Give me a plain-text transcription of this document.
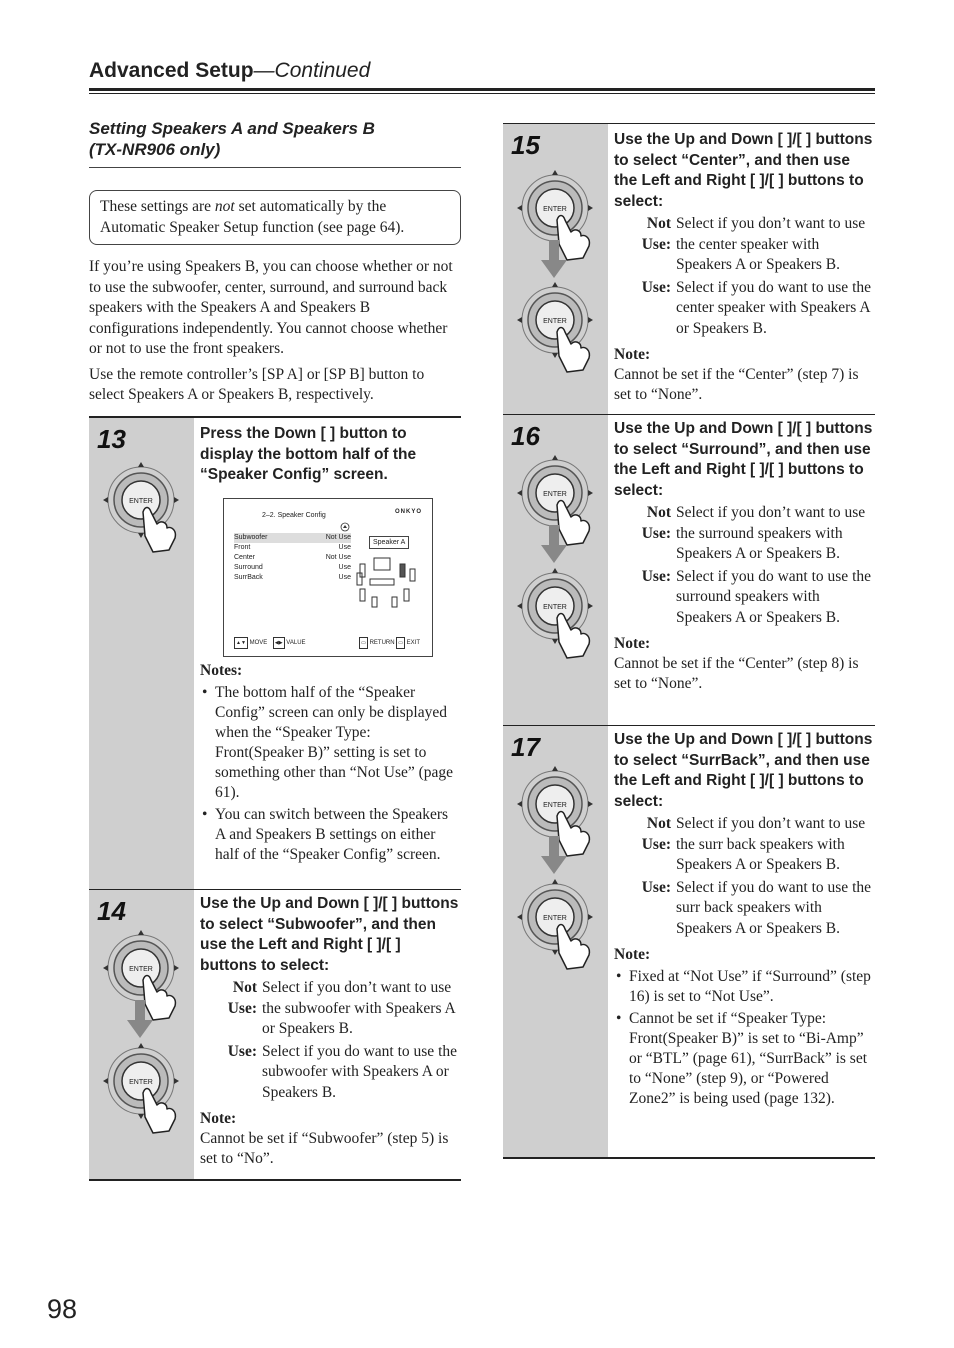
Advanced Setup—Continued
Setting Speakers A and Speakers B
(TX-NR906 only)
These settings are not set automatically by the Automatic Speaker Setup function (see page 64).

If you’re using Speakers B, you can choose whether or not to use the subwoofer, center, surround, and surround back speakers with the Speakers A and Speakers B configurations independently. You cannot choose whether or not to use the front speakers.

Use the remote controller’s [SP A] or [SP B] button to select Speakers A or Speakers B, respectively.

13
ENTER
Press the Down [ ] button to display the bottom half of the “Speaker Config” screen.
2–2. Speaker Config	ONKYO
Subwoofer	Not Use
Front	Use
Center	Not Use
Surround	Use
SurrBack	Use
Speaker A
▲▼ MOVE ◀▶ VALUE	▭ RETURN ▭ EXIT
Notes:
• The bottom half of the “Speaker Config” screen can only be displayed when the “Speaker Type: Front(Speaker B)” setting is set to something other than “Not Use” (page 61).
• You can switch between the Speakers A and Speakers B settings on either half of the “Speaker Config” screen.
14
ENTER
ENTER
Use the Up and Down [ ]/[ ] buttons to select “Subwoofer”, and then use the Left and Right [ ]/[ ] buttons to select:
Not Use:
Select if you don’t want to use the subwoofer with Speakers A or Speakers B.
Use: Select if you do want to use the subwoofer with Speakers A or Speakers B.
Note:
Cannot be set if “Subwoofer” (step 5) is set to “No”.
15
ENTER
ENTER
Use the Up and Down [ ]/[ ] buttons to select “Center”, and then use the Left and Right [ ]/[ ] buttons to select:
Not Use:
Select if you don’t want to use the center speaker with Speakers A or Speakers B.
Use: Select if you do want to use the center speaker with Speakers A or Speakers B.
Note:
Cannot be set if the “Center” (step 7) is set to “None”.
16
ENTER
ENTER
Use the Up and Down [ ]/[ ] buttons to select “Surround”, and then use the Left and Right [ ]/[ ] buttons to select:
Not Use:
Select if you don’t want to use the surround speakers with Speakers A or Speakers B.
Use: Select if you do want to use the surround speakers with Speakers A or Speakers B.
Note:
Cannot be set if the “Center” (step 8) is set to “None”.
17
ENTER
ENTER
Use the Up and Down [ ]/[ ] buttons to select “SurrBack”, and then use the Left and Right [ ]/[ ] buttons to select:
Not Use:
Select if you don’t want to use the surr back speakers with Speakers A or Speakers B.
Use: Select if you do want to use the surr back speakers with Speakers A or Speakers B.
Note:
• Fixed at “Not Use” if “Surround” (step 16) is set to “Not Use”.
• Cannot be set if “Speaker Type: Front(Speaker B)” is set to “Bi-Amp” or “BTL” (page 61), “SurrBack” is set to “None” (step 9), or “Powered Zone2” is being used (page 132).
98
